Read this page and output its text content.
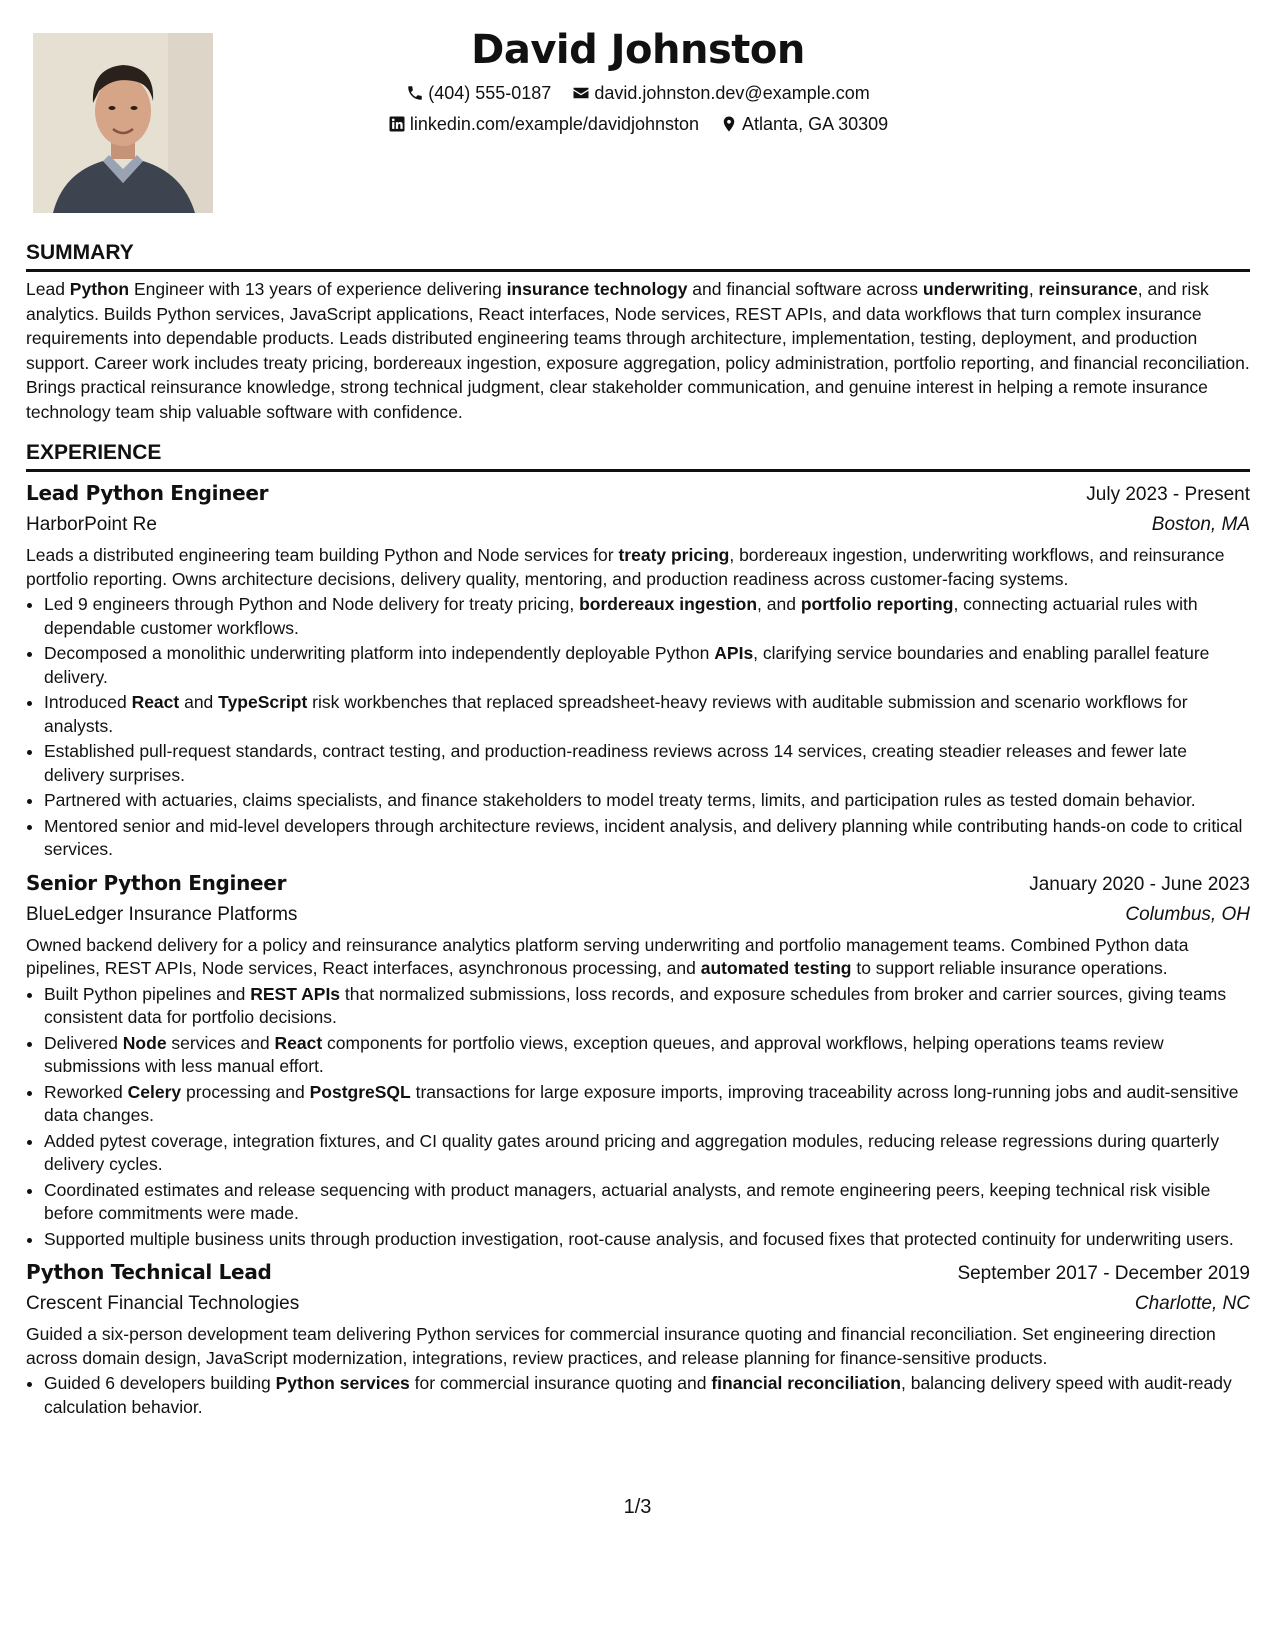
David Johnston
(404) 555-0187
david.johnston.dev@example.com
linkedin.com/example/davidjohnston
Atlanta, GA 30309
SUMMARY

Lead Python Engineer with 13 years of experience delivering insurance technology and financial software across underwriting, reinsurance, and risk analytics. Builds Python services, JavaScript applications, React interfaces, Node services, REST APIs, and data workflows that turn complex insurance requirements into dependable products. Leads distributed engineering teams through architecture, implementation, testing, deployment, and production support. Career work includes treaty pricing, bordereaux ingestion, exposure aggregation, policy administration, portfolio reporting, and financial reconciliation. Brings practical reinsurance knowledge, strong technical judgment, clear stakeholder communication, and genuine interest in helping a remote insurance technology team ship valuable software with confidence.

EXPERIENCE
Lead Python Engineer	July 2023 - Present
HarborPoint Re	Boston, MA

Leads a distributed engineering team building Python and Node services for treaty pricing, bordereaux ingestion, underwriting workflows, and reinsurance portfolio reporting. Owns architecture decisions, delivery quality, mentoring, and production readiness across customer-facing systems.

• Led 9 engineers through Python and Node delivery for treaty pricing, bordereaux ingestion, and portfolio reporting, connecting actuarial rules with dependable customer workflows.
• Decomposed a monolithic underwriting platform into independently deployable Python APIs, clarifying service boundaries and enabling parallel feature delivery.
• Introduced React and TypeScript risk workbenches that replaced spreadsheet-heavy reviews with auditable submission and scenario workflows for analysts.
• Established pull-request standards, contract testing, and production-readiness reviews across 14 services, creating steadier releases and fewer late delivery surprises.
• Partnered with actuaries, claims specialists, and finance stakeholders to model treaty terms, limits, and participation rules as tested domain behavior.
• Mentored senior and mid-level developers through architecture reviews, incident analysis, and delivery planning while contributing hands-on code to critical services.
Senior Python Engineer	January 2020 - June 2023
BlueLedger Insurance Platforms	Columbus, OH

Owned backend delivery for a policy and reinsurance analytics platform serving underwriting and portfolio management teams. Combined Python data pipelines, REST APIs, Node services, React interfaces, asynchronous processing, and automated testing to support reliable insurance operations.

• Built Python pipelines and REST APIs that normalized submissions, loss records, and exposure schedules from broker and carrier sources, giving teams consistent data for portfolio decisions.
• Delivered Node services and React components for portfolio views, exception queues, and approval workflows, helping operations teams review submissions with less manual effort.
• Reworked Celery processing and PostgreSQL transactions for large exposure imports, improving traceability across long-running jobs and audit-sensitive data changes.
• Added pytest coverage, integration fixtures, and CI quality gates around pricing and aggregation modules, reducing release regressions during quarterly delivery cycles.
• Coordinated estimates and release sequencing with product managers, actuarial analysts, and remote engineering peers, keeping technical risk visible before commitments were made.
• Supported multiple business units through production investigation, root-cause analysis, and focused fixes that protected continuity for underwriting users.
Python Technical Lead	September 2017 - December 2019
Crescent Financial Technologies	Charlotte, NC

Guided a six-person development team delivering Python services for commercial insurance quoting and financial reconciliation. Set engineering direction across domain design, JavaScript modernization, integrations, review practices, and release planning for finance-sensitive products.

• Guided 6 developers building Python services for commercial insurance quoting and financial reconciliation, balancing delivery speed with audit-ready calculation behavior.
1/3
